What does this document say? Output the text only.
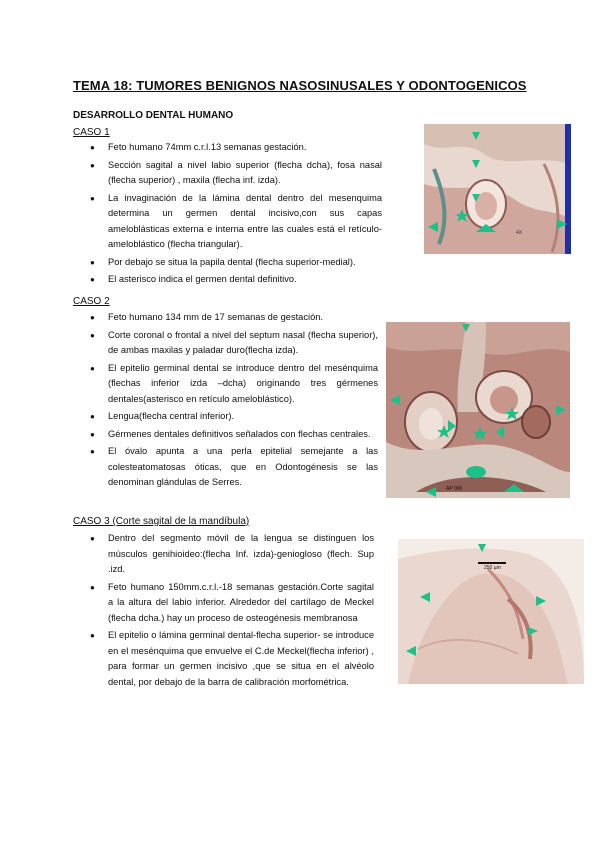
TEMA 18: TUMORES BENIGNOS NASOSINUSALES Y ODONTOGENICOS
DESARROLLO DENTAL HUMANO
CASO 1
● Feto humano 74mm c.r.l.13 semanas gestación.
● Sección sagital a nivel labio superior (flecha dcha), fosa nasal (flecha superior) , maxila (flecha inf. izda).
● La invaginación de la lámina dental dentro del mesenquima determina un germen dental incisivo,con sus capas ameloblásticas externa e interna entre las cuales está el retículo-ameloblástico (flecha triangular).
● Por debajo se situa la papila dental (flecha superior-medial).
● El asterisco indica el germen dental definitivo.
4X
CASO 2
● Feto humano 134 mm de 17 semanas de gestación.
● Corte coronal o frontal a nivel del septum nasal (flecha superior), de ambas maxilas y paladar duro(flecha izda).
● El epitelio germinal dental se introduce dentro del mesénquima (flechas inferior izda –dcha) originando tres gérmenes dentales(asterisco en retículo ameloblástico).
● Lengua(flecha central inferior).
● Gérmenes dentales definitivos señalados con flechas centrales.
● El óvalo apunta a una perla epitelial semejante a las colesteatomatosas óticas, que en Odontogénesis se las denominan glándulas de Serres.
AP 000
CASO 3 (Corte sagital de la mandíbula)
● Dentro del segmento móvil de la lengua se distinguen los músculos genihioideo:(flecha Inf. izda)-geniogloso (flech. Sup .izd.
● Feto humano 150mm.c.r.l.-18 semanas gestación.Corte sagital a la altura del labio inferior. Alrededor del cartílago de Meckel (flecha dcha.) hay un proceso de osteogénesis membranosa
● El epitelio o lámina germinal dental-flecha superior- se introduce en el mesénquima que envuelve el C.de Meckel(flecha inferior) , para formar un germen incisivo ,que se situa en el alvéolo dental, por debajo de la barra de calibración morfométrica.
250 µm
